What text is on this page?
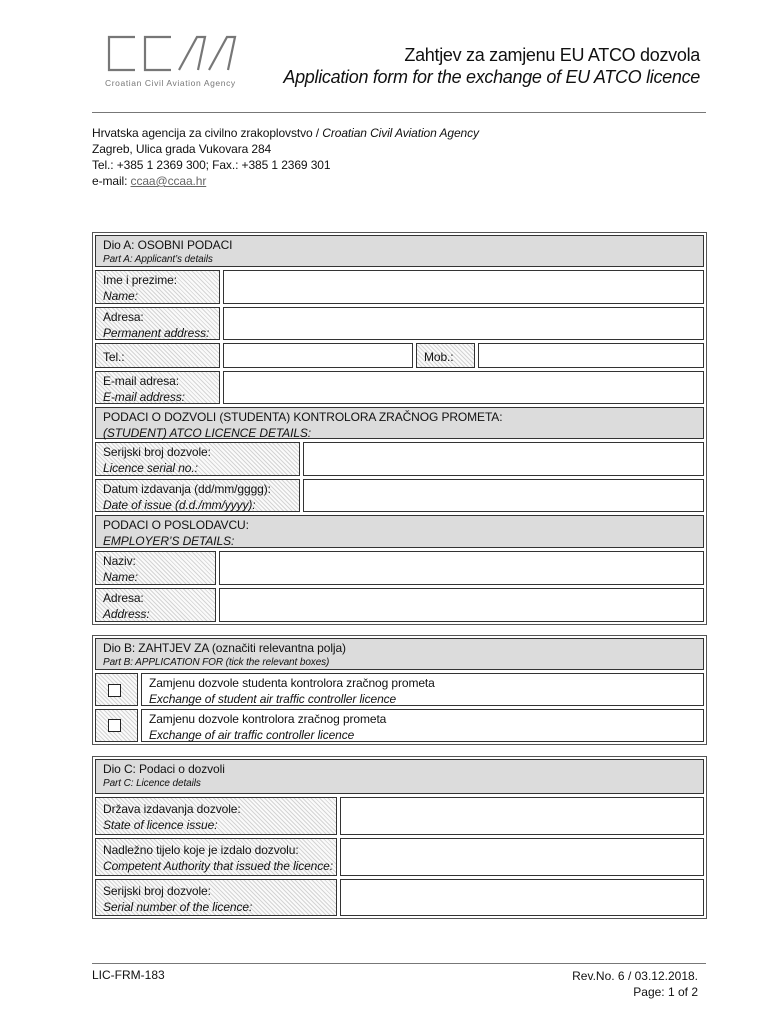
Croatian Civil Aviation Agency
Zahtjev za zamjenu EU ATCO dozvola
Application form for the exchange of EU ATCO licence
Hrvatska agencija za civilno zrakoplovstvo / Croatian Civil Aviation Agency
Zagreb, Ulica grada Vukovara 284
Tel.: +385 1 2369 300; Fax.: +385 1 2369 301
e-mail: ccaa@ccaa.hr
Dio A: OSOBNI PODACI
Part A: Applicant’s details
Ime i prezime:
Name:
Adresa:
Permanent address:
Tel.:	Mob.:
E-mail adresa:
E-mail address:
PODACI O DOZVOLI (STUDENTA) KONTROLORA ZRAČNOG PROMETA:
(STUDENT) ATCO LICENCE DETAILS:
Serijski broj dozvole:
Licence serial no.:
Datum izdavanja (dd/mm/gggg):
Date of issue (d.d./mm/yyyy):
PODACI O POSLODAVCU:
EMPLOYER’S DETAILS:
Naziv:
Name:
Adresa:
Address:
Dio B: ZAHTJEV ZA (označiti relevantna polja)
Part B: APPLICATION FOR (tick the relevant boxes)
Zamjenu dozvole studenta kontrolora zračnog prometa
Exchange of student air traffic controller licence
Zamjenu dozvole kontrolora zračnog prometa
Exchange of air traffic controller licence
Dio C: Podaci o dozvoli
Part C: Licence details
Država izdavanja dozvole:
State of licence issue:
Nadležno tijelo koje je izdalo dozvolu:
Competent Authority that issued the licence:
Serijski broj dozvole:
Serial number of the licence:
LIC-FRM-183	Rev.No. 6 / 03.12.2018.
Page: 1 of 2
